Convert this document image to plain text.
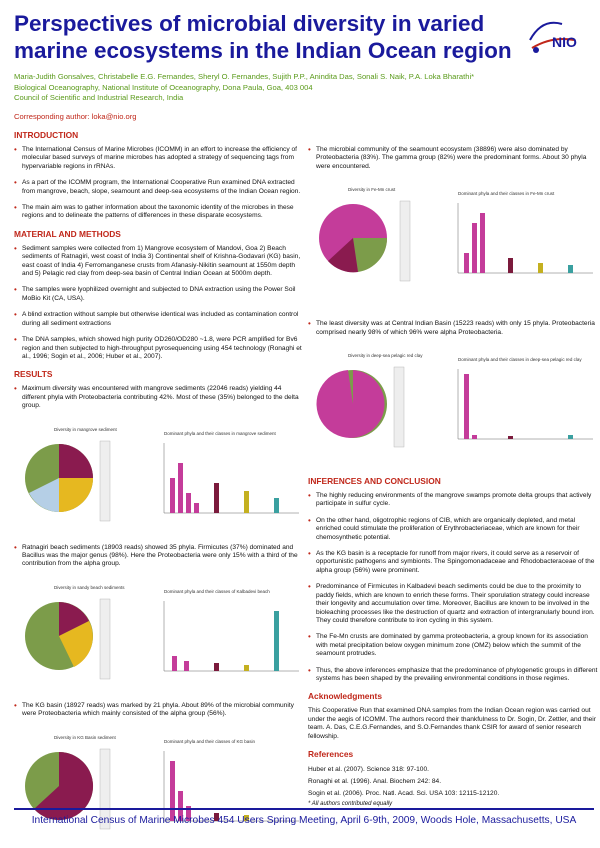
Perspectives of microbial diversity in varied marine ecosystems in the Indian Ocean region	NIO
Maria-Judith Gonsalves, Christabelle E.G. Fernandes, Sheryl O. Fernandes, Sujith P.P., Anindita Das, Sonali S. Naik, P.A. Loka Bharathi*
Biological Oceanography, National Institute of Oceanography, Dona Paula, Goa, 403 004
Council of Scientific and Industrial Research, India
Corresponding author: loka@nio.org
INTRODUCTION
• The International Census of Marine Microbes (ICOMM) in an effort to increase the efficiency of molecular based surveys of marine microbes has adopted a strategy of sequencing tags from hypervariable regions in rRNAs.
• As a part of the ICOMM program, the International Cooperative Run examined DNA extracted from mangrove, beach, slope, seamount and deep-sea ecosystems of the Indian Ocean region.
• The main aim was to gather information about the taxonomic identity of the microbes in these regions and to delineate the patterns of differences in these disparate ecosystems.
MATERIAL AND METHODS
• Sediment samples were collected from 1) Mangrove ecosystem of Mandovi, Goa 2) Beach sediments of Ratnagiri, west coast of India 3) Continental shelf of Krishna-Godavari (KG) basin, east coast of India 4) Ferromanganese crusts from Afanasiy-Nikitin seamount at 1550m depth and 5) Pelagic red clay from deep-sea basin of Central Indian Ocean at 5000m depth.
• The samples were lyophilized overnight and subjected to DNA extraction using the Power Soil MoBio Kit (CA, USA).
• A blind extraction without sample but otherwise identical was included as contamination control during all sediment extractions
• The DNA samples, which showed high purity OD260/OD280 ~1.8, were PCR amplified for Bv6 region and then subjected to high-throughput pyrosequencing using 454 technology (Ronaghi et al., 1996; Sogin et al., 2006; Huber et al., 2007).
RESULTS
• Maximum diversity was encountered with mangrove sediments (22046 reads) yielding 44 different phyla with Proteobacteria contributing 42%. Most of these (35%) belonged to the delta group.
Diversity in mangrove sediment
Dominant phyla and their classes in mangrove sediment
• Ratnagiri beach sediments (18903 reads) showed 35 phyla. Firmicutes (37%) dominated and Bacillus was the major genus (98%). Here the Proteobacteria were only 15% with a third of the contribution from the alpha group.
Diversity in sandy beach sediments
Dominant phyla and their classes of Kalbadevi beach
• The KG basin (18927 reads) was marked by 21 phyla. About 89% of the microbial community were Proteobacteria which mainly consisted of the alpha group (56%).
Diversity in KG Basin sediment
Dominant phyla and their classes of KG basin
• The microbial community of the seamount ecosystem (38896) were also dominated by Proteobacteria (83%). The gamma group (82%) were the predominant forms. About 30 phyla were encountered.
Diversity in Fe-Mn crust
Dominant phyla and their classes in Fe-Mn crust
• The least diversity was at Central Indian Basin (15223 reads) with only 15 phyla. Proteobacteria comprised nearly 98% of which 96% were alpha Proteobacteria.
Diversity in deep-sea pelagic red clay
Dominant phyla and their classes in deep-sea pelagic red clay
INFERENCES AND CONCLUSION
• The highly reducing environments of the mangrove swamps promote delta groups that actively participate in sulfur cycle.
• On the other hand, oligotrophic regions of CIB, which are organically depleted, and metal enriched could stimulate the proliferation of Erythrobacteriaceae, which are known for their chemosynthetic potential.
• As the KG basin is a receptacle for runoff from major rivers, it could serve as a reservoir of opportunistic pathogens and symbionts. The Spingomonadaceae and Rhodobacteraceae of the alpha group (56%) were prominent.
• Predominance of Firmicutes in Kalbadevi beach sediments could be due to the proximity to paddy fields, which are known to enrich these forms. Their sporulation strategy could increase their longevity and accumulation over time. Moreover, Bacillus are known to be involved in the bioleaching processes like the destruction of quartz and extraction of intergranularly bound iron. They could therefore contribute to iron cycling in this system.
• The Fe-Mn crusts are dominated by gamma proteobacteria, a group known for its association with metal precipitation below oxygen minimum zone (OMZ) below which the summit of the seamount protrudes.
• Thus, the above inferences emphasize that the predominance of phylogenetic groups in different systems has been shaped by the prevailing environmental conditions in those regimes.
Acknowledgments
This Cooperative Run that examined DNA samples from the Indian Ocean region was carried out under the aegis of ICOMM. The authors record their thankfulness to Dr. Sogin, Dr. Zettler, and their team. A. Das, C.E.G.Fernandes, and S.O.Fernandes thank CSIR for award of senior research fellowship.
References
Huber et al. (2007). Science 318: 97-100.
Ronaghi et al. (1996). Anal. Biochem 242: 84.
Sogin et al. (2006). Proc. Natl. Acad. Sci. USA 103: 12115-12120.
* All authors contributed equally
International Census of Marine Microbes 454 Users Spring Meeting, April 6-9th, 2009, Woods Hole, Massachusetts, USA
